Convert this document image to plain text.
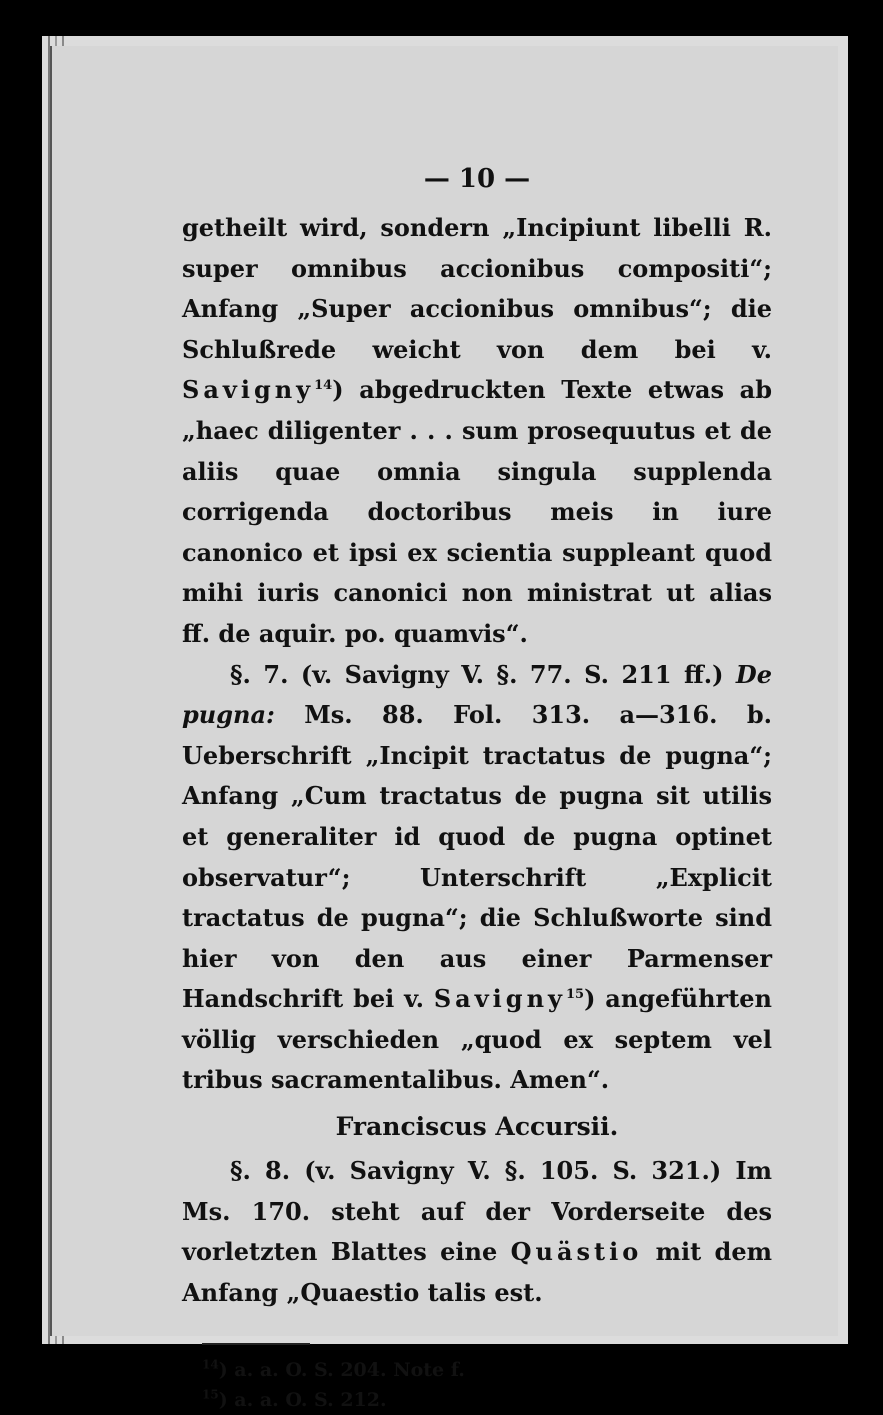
— 10 —

getheilt wird, sondern „Incipiunt libelli R. super omnibus accionibus compositi“; Anfang „Super accionibus omnibus“; die Schlußrede weicht von dem bei v. Savigny$^{14}$) abgedruckten Texte etwas ab „haec diligenter . . . sum prosequutus et de aliis quae omnia singula supplenda corrigenda doctoribus meis in iure canonico et ipsi ex scientia suppleant quod mihi iuris canonici non ministrat ut alias ff. de aquir. po. quamvis“.

§. 7. (v. Savigny V. §. 77. S. 211 ff.) De pugna: Ms. 88. Fol. 313. a—316. b. Ueberschrift „Incipit tractatus de pugna“; Anfang „Cum tractatus de pugna sit utilis et generaliter id quod de pugna optinet observatur“; Unterschrift „Explicit tractatus de pugna“; die Schlußworte sind hier von den aus einer Parmenser Handschrift bei v. Savigny$^{15}$) angeführten völlig verschieden „quod ex septem vel tribus sacramentalibus. Amen“.

Franciscus Accursii.

§. 8. (v. Savigny V. §. 105. S. 321.) Im Ms. 170. steht auf der Vorderseite des vorletzten Blattes eine Quästio mit dem Anfang „Quaestio talis est.

$^{14}$) a. a. O. S. 204. Note f.
$^{15}$) a. a. O. S. 212.
